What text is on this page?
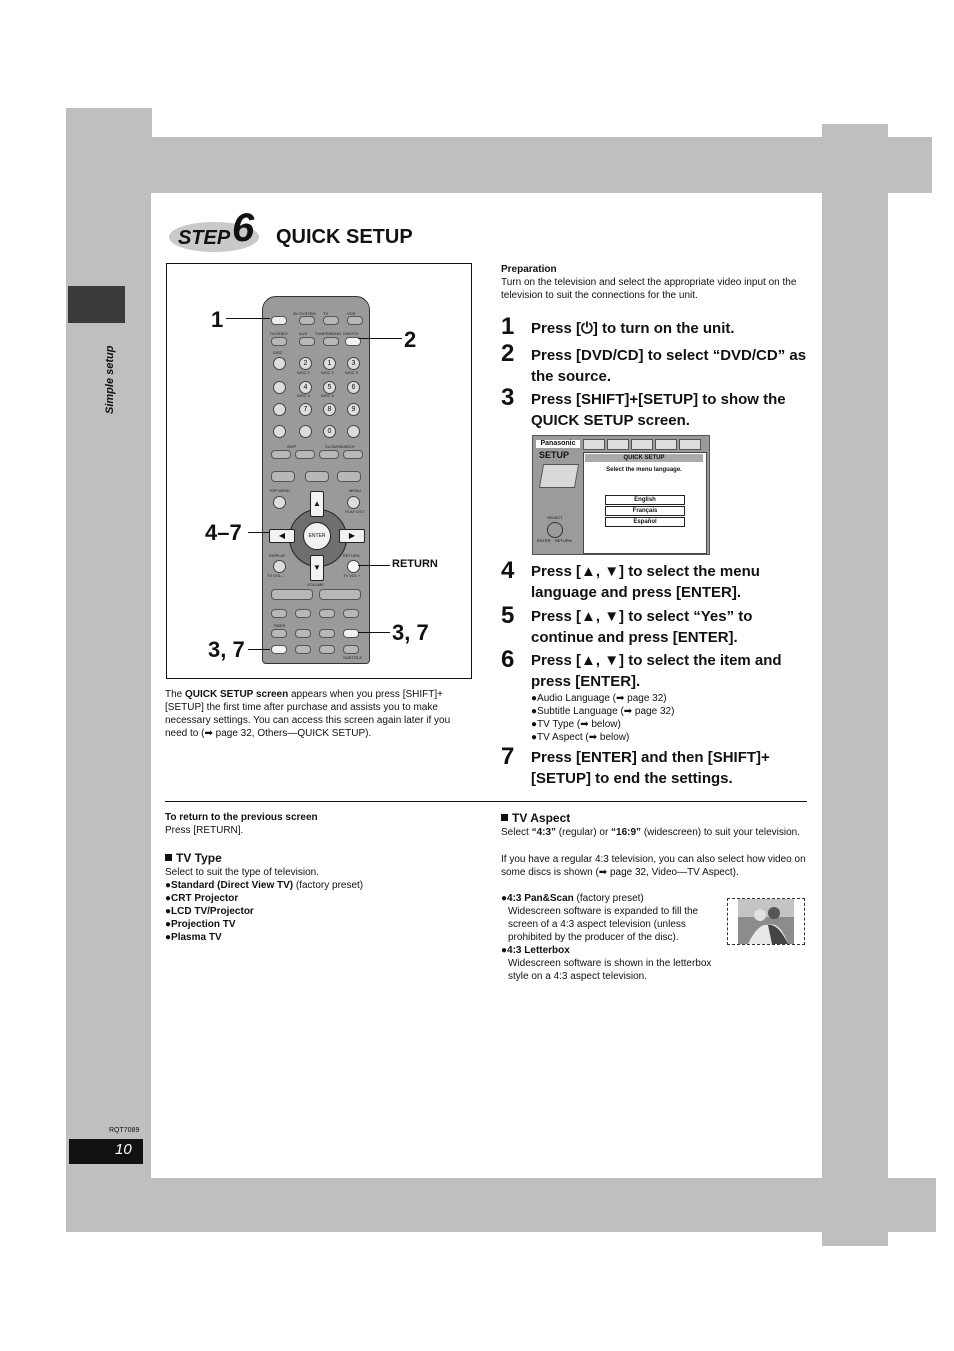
Simple setup
STEP 6 QUICK SETUP
AV SYSTEM TV	VCR
TV/VIDEO	AUX TUNER/BAND DVD/CD
DISC
1	3
2
DISC 1	DISC 2	DISC 3
4	5	6
DISC 4	DISC 5
7	8	9
0
SKIP	SLOW/SEARCH
TOP MENU	MENU
PLAY LIST
▲
▼
◀	▶
ENTER
DISPLAY	RETURN
TV VOL –	TV VOL +
VOLUME
TIMER
SUBTITLE
1
2
4–7
RETURN
3, 7
3, 7
The QUICK SETUP screen appears when you press [SHIFT]+[SETUP] the first time after purchase and assists you to make necessary settings. You can access this screen again later if you need to (➡ page 32, Others—QUICK SETUP).
Preparation
Turn on the television and select the appropriate video input on the television to suit the connections for the unit.
1 Press [⏻] to turn on the unit.
2 Press [DVD/CD] to select “DVD/CD” as the source.
3 Press [SHIFT]+[SETUP] to show the QUICK SETUP screen.
Panasonic
SETUP	QUICK SETUP
Select the menu language.
English
Français
Español
SELECT
ENTER RETURN
4 Press [▲, ▼] to select the menu language and press [ENTER].
5 Press [▲, ▼] to select “Yes” to continue and press [ENTER].
6 Press [▲, ▼] to select the item and press [ENTER].
●Audio Language (➡ page 32)
●Subtitle Language (➡ page 32)
●TV Type (➡ below)
●TV Aspect (➡ below)
7 Press [ENTER] and then [SHIFT]+[SETUP] to end the settings.
To return to the previous screen
Press [RETURN].
TV Type
Select to suit the type of television.
●Standard (Direct View TV) (factory preset)
●CRT Projector
●LCD TV/Projector
●Projection TV
●Plasma TV
TV Aspect
Select “4:3” (regular) or “16:9” (widescreen) to suit your television.
If you have a regular 4:3 television, you can also select how video on some discs is shown (➡ page 32, Video—TV Aspect).
●4:3 Pan&Scan (factory preset)
Widescreen software is expanded to fill the screen of a 4:3 aspect television (unless prohibited by the producer of the disc).
●4:3 Letterbox
Widescreen software is shown in the letterbox style on a 4:3 aspect television.
RQT7089
10
